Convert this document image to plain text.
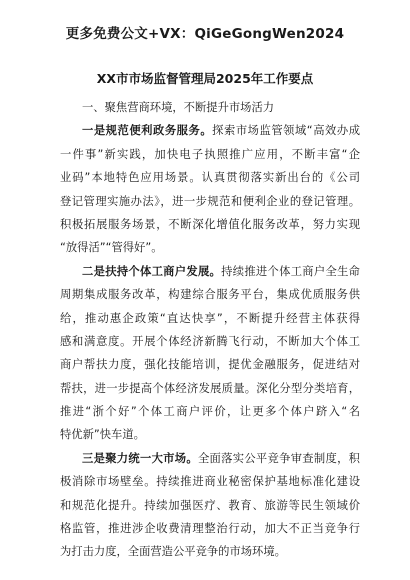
更多免费公文+VX：QiGeGongWen2024
XX市市场监督管理局2025年工作要点
一、聚焦营商环境，不断提升市场活力
一是规范便利政务服务。探索市场监管领域“高效办成
一件事”新实践，加快电子执照推广应用，不断丰富“企
业码”本地特色应用场景。认真贯彻落实新出台的《公司
登记管理实施办法》，进一步规范和便利企业的登记管理。
积极拓展服务场景，不断深化增值化服务改革，努力实现
“放得活”“管得好”。
二是扶持个体工商户发展。持续推进个体工商户全生命
周期集成服务改革，构建综合服务平台，集成优质服务供
给，推动惠企政策“直达快享”，不断提升经营主体获得
感和满意度。开展个体经济新腾飞行动，不断加大个体工
商户帮扶力度，强化技能培训，提优金融服务，促进结对
帮扶，进一步提高个体经济发展质量。深化分型分类培育，
推进“浙个好”个体工商户评价，让更多个体户跻入“名
特优新”快车道。
三是聚力统一大市场。全面落实公平竞争审查制度，积
极消除市场壁垒。持续推进商业秘密保护基地标准化建设
和规范化提升。持续加强医疗、教育、旅游等民生领域价
格监管，推进涉企收费清理整治行动，加大不正当竞争行
为打击力度，全面营造公平竞争的市场环境。
